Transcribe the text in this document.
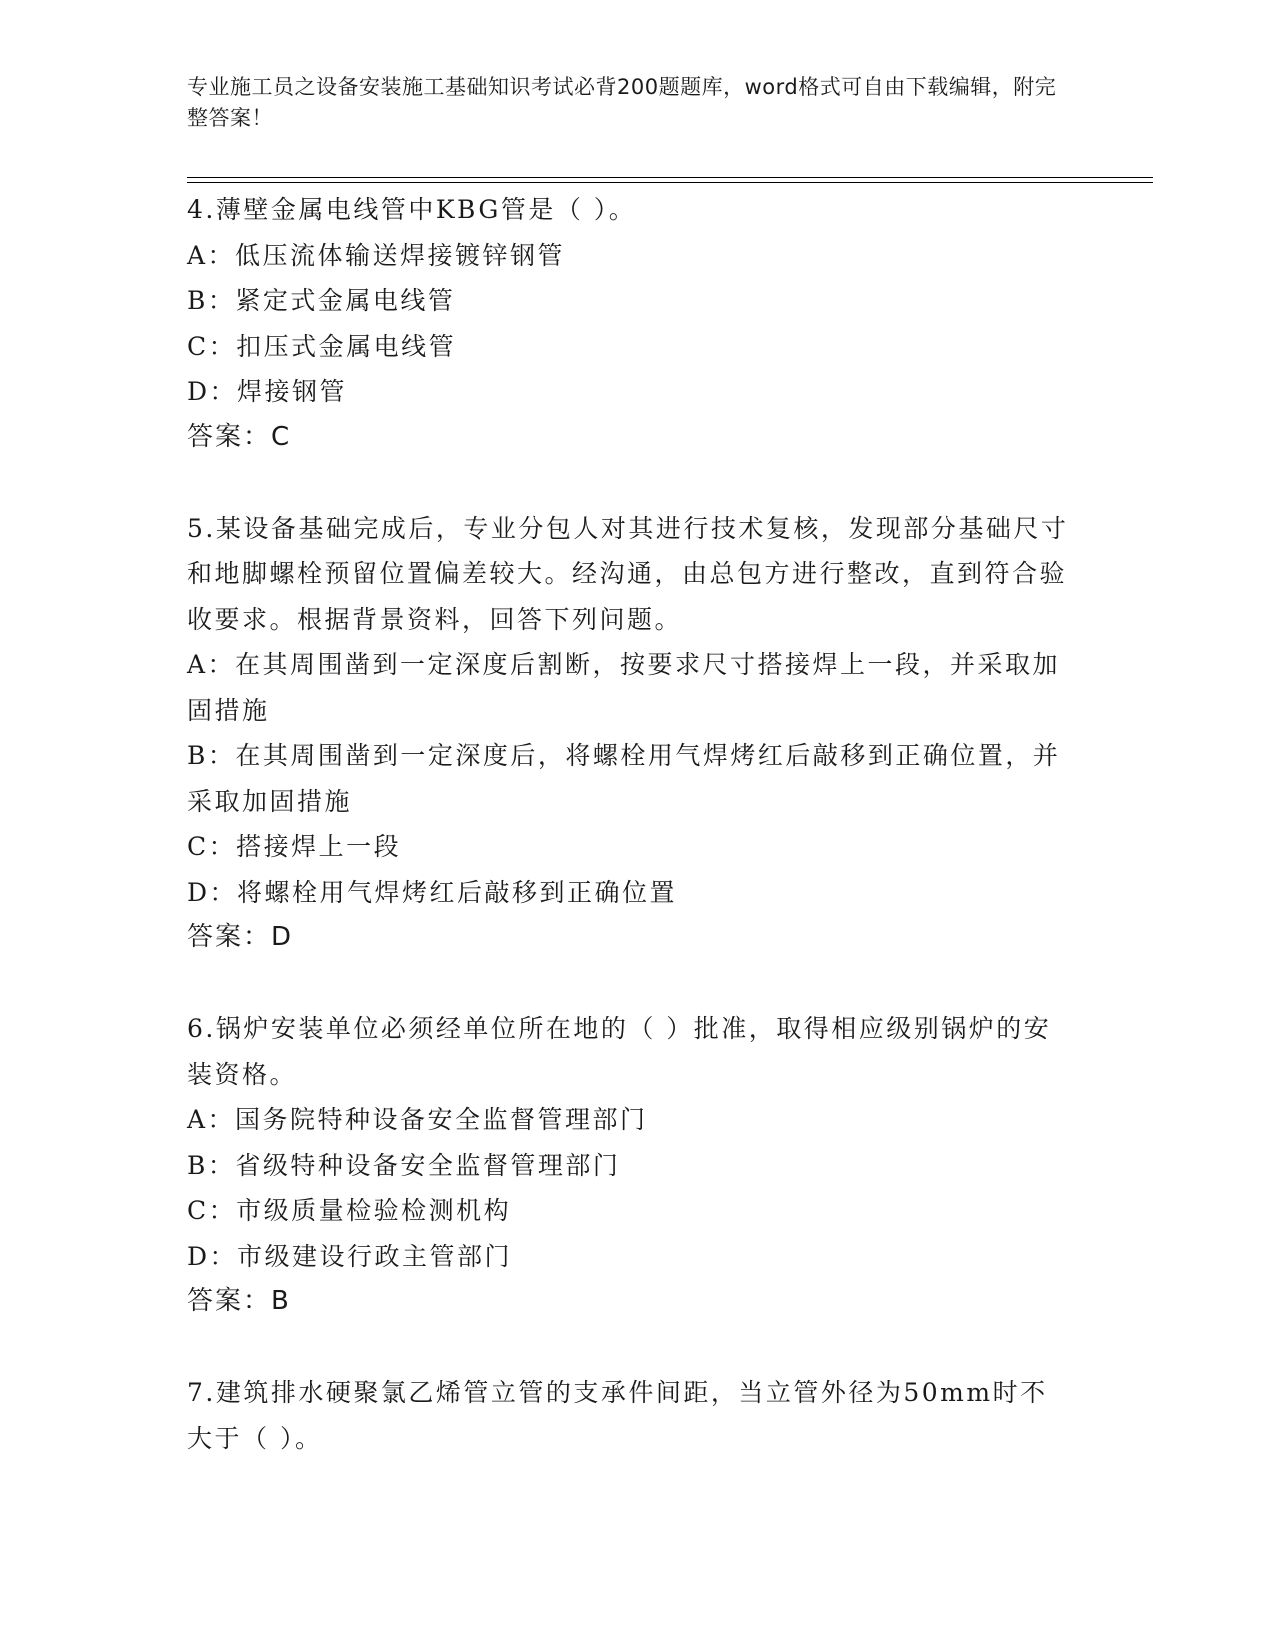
专业施工员之设备安装施工基础知识考试必背200题题库，word格式可自由下载编辑，附完整答案！

4.薄壁金属电线管中KBG管是（ ）。

A：低压流体输送焊接镀锌钢管

B：紧定式金属电线管

C：扣压式金属电线管

D：焊接钢管

答案：C

5.某设备基础完成后，专业分包人对其进行技术复核，发现部分基础尺寸和地脚螺栓预留位置偏差较大。经沟通，由总包方进行整改，直到符合验收要求。根据背景资料，回答下列问题。

A：在其周围凿到一定深度后割断，按要求尺寸搭接焊上一段，并采取加固措施

B：在其周围凿到一定深度后，将螺栓用气焊烤红后敲移到正确位置，并采取加固措施

C：搭接焊上一段

D：将螺栓用气焊烤红后敲移到正确位置

答案：D

6.锅炉安装单位必须经单位所在地的（ ）批准，取得相应级别锅炉的安装资格。

A：国务院特种设备安全监督管理部门

B：省级特种设备安全监督管理部门

C：市级质量检验检测机构

D：市级建设行政主管部门

答案：B

7.建筑排水硬聚氯乙烯管立管的支承件间距，当立管外径为50mm时不大于（ ）。
